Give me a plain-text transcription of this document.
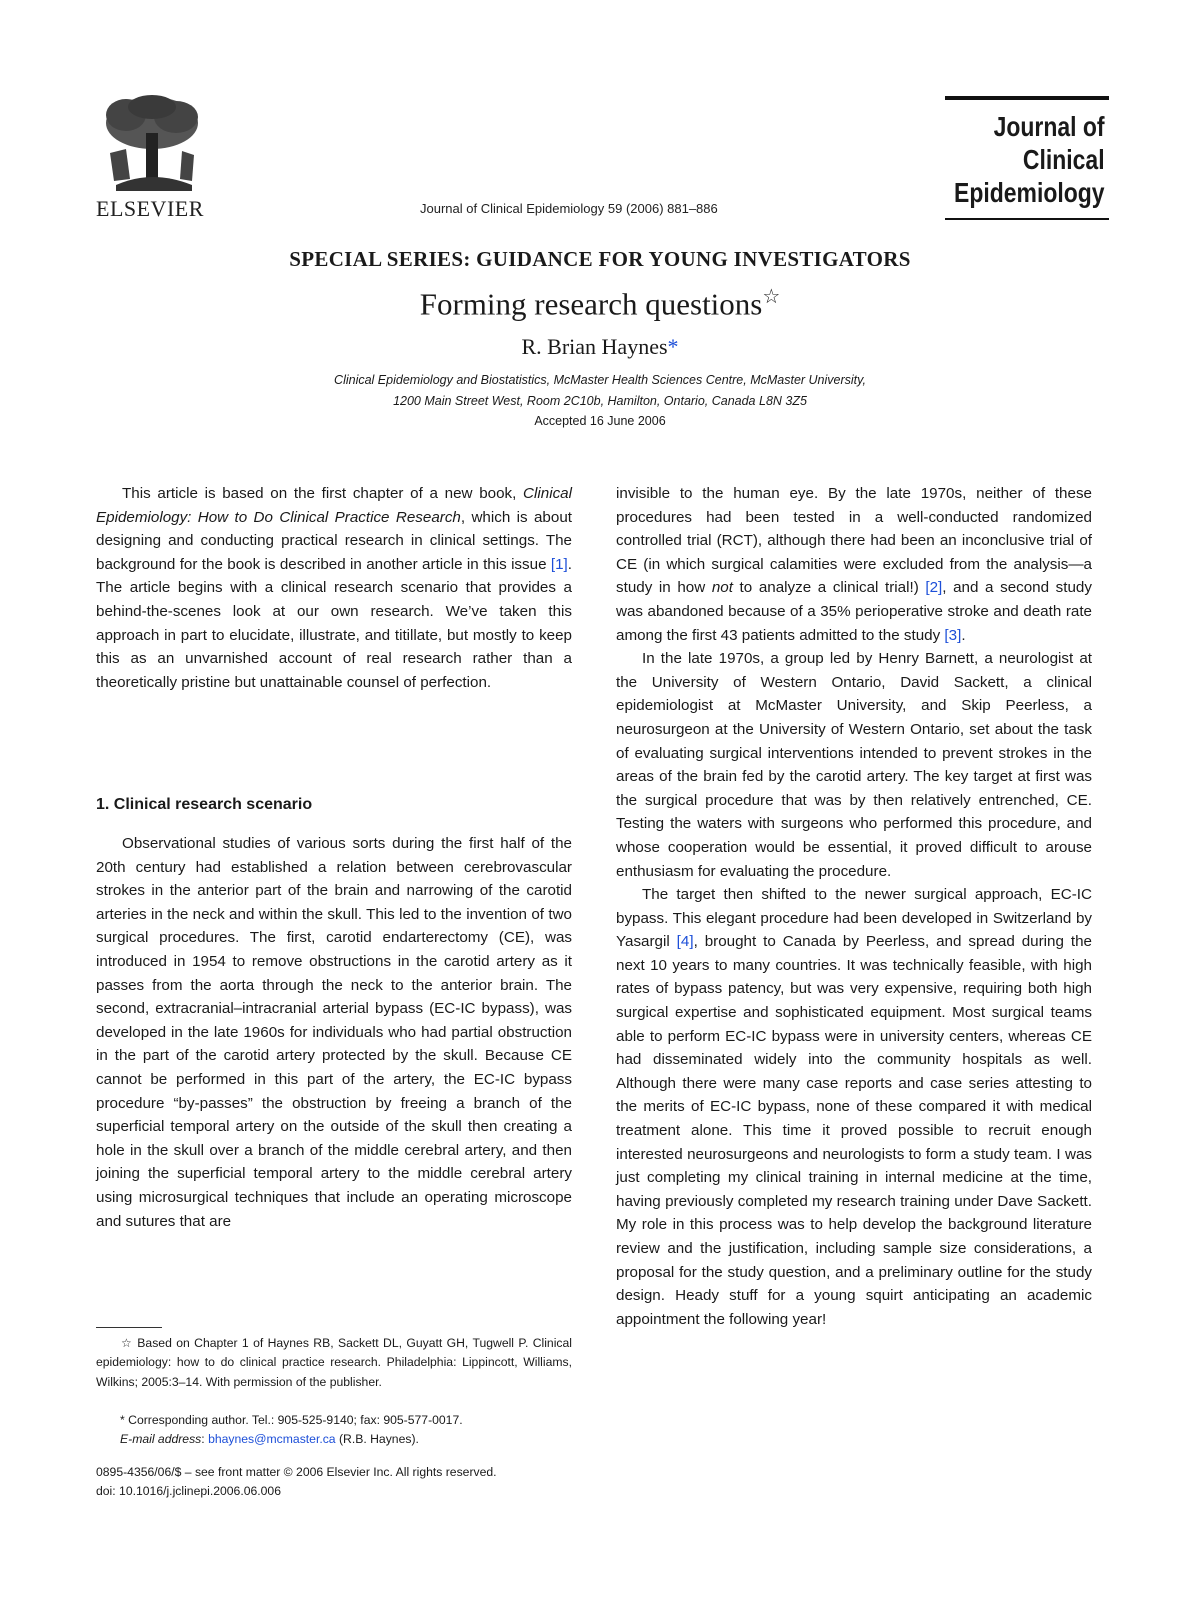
ELSEVIER	Journal of Clinical Epidemiology 59 (2006) 881–886
Journal of
Clinical
Epidemiology
SPECIAL SERIES: GUIDANCE FOR YOUNG INVESTIGATORS
Forming research questions☆
R. Brian Haynes*
Clinical Epidemiology and Biostatistics, McMaster Health Sciences Centre, McMaster University,
1200 Main Street West, Room 2C10b, Hamilton, Ontario, Canada L8N 3Z5
Accepted 16 June 2006

This article is based on the first chapter of a new book, Clinical Epidemiology: How to Do Clinical Practice Research, which is about designing and conducting practical research in clinical settings. The background for the book is described in another article in this issue [1]. The article begins with a clinical research scenario that provides a behind-the-scenes look at our own research. We’ve taken this approach in part to elucidate, illustrate, and titillate, but mostly to keep this as an unvarnished account of real research rather than a theoretically pristine but unattainable counsel of perfection.

1. Clinical research scenario

Observational studies of various sorts during the first half of the 20th century had established a relation between cerebrovascular strokes in the anterior part of the brain and narrowing of the carotid arteries in the neck and within the skull. This led to the invention of two surgical procedures. The first, carotid endarterectomy (CE), was introduced in 1954 to remove obstructions in the carotid artery as it passes from the aorta through the neck to the anterior brain. The second, extracranial–intracranial arterial bypass (EC-IC bypass), was developed in the late 1960s for individuals who had partial obstruction in the part of the carotid artery protected by the skull. Because CE cannot be performed in this part of the artery, the EC-IC bypass procedure “by-passes” the obstruction by freeing a branch of the superficial temporal artery on the outside of the skull then creating a hole in the skull over a branch of the middle cerebral artery, and then joining the superficial temporal artery to the middle cerebral artery using microsurgical techniques that include an operating microscope and sutures that are

invisible to the human eye. By the late 1970s, neither of these procedures had been tested in a well-conducted randomized controlled trial (RCT), although there had been an inconclusive trial of CE (in which surgical calamities were excluded from the analysis—a study in how not to analyze a clinical trial!) [2], and a second study was abandoned because of a 35% perioperative stroke and death rate among the first 43 patients admitted to the study [3].

In the late 1970s, a group led by Henry Barnett, a neurologist at the University of Western Ontario, David Sackett, a clinical epidemiologist at McMaster University, and Skip Peerless, a neurosurgeon at the University of Western Ontario, set about the task of evaluating surgical interventions intended to prevent strokes in the areas of the brain fed by the carotid artery. The key target at first was the surgical procedure that was by then relatively entrenched, CE. Testing the waters with surgeons who performed this procedure, and whose cooperation would be essential, it proved difficult to arouse enthusiasm for evaluating the procedure.

The target then shifted to the newer surgical approach, EC-IC bypass. This elegant procedure had been developed in Switzerland by Yasargil [4], brought to Canada by Peerless, and spread during the next 10 years to many countries. It was technically feasible, with high rates of bypass patency, but was very expensive, requiring both high surgical expertise and sophisticated equipment. Most surgical teams able to perform EC-IC bypass were in university centers, whereas CE had disseminated widely into the community hospitals as well. Although there were many case reports and case series attesting to the merits of EC-IC bypass, none of these compared it with medical treatment alone. This time it proved possible to recruit enough interested neurosurgeons and neurologists to form a study team. I was just completing my clinical training in internal medicine at the time, having previously completed my research training under Dave Sackett. My role in this process was to help develop the background literature review and the justification, including sample size considerations, a proposal for the study question, and a preliminary outline for the study design. Heady stuff for a young squirt anticipating an academic appointment the following year!

☆ Based on Chapter 1 of Haynes RB, Sackett DL, Guyatt GH, Tugwell P. Clinical epidemiology: how to do clinical practice research. Philadelphia: Lippincott, Williams, Wilkins; 2005:3–14. With permission of the publisher.
* Corresponding author. Tel.: 905-525-9140; fax: 905-577-0017.
E-mail address: bhaynes@mcmaster.ca (R.B. Haynes).
0895-4356/06/$ – see front matter © 2006 Elsevier Inc. All rights reserved.
doi: 10.1016/j.jclinepi.2006.06.006
